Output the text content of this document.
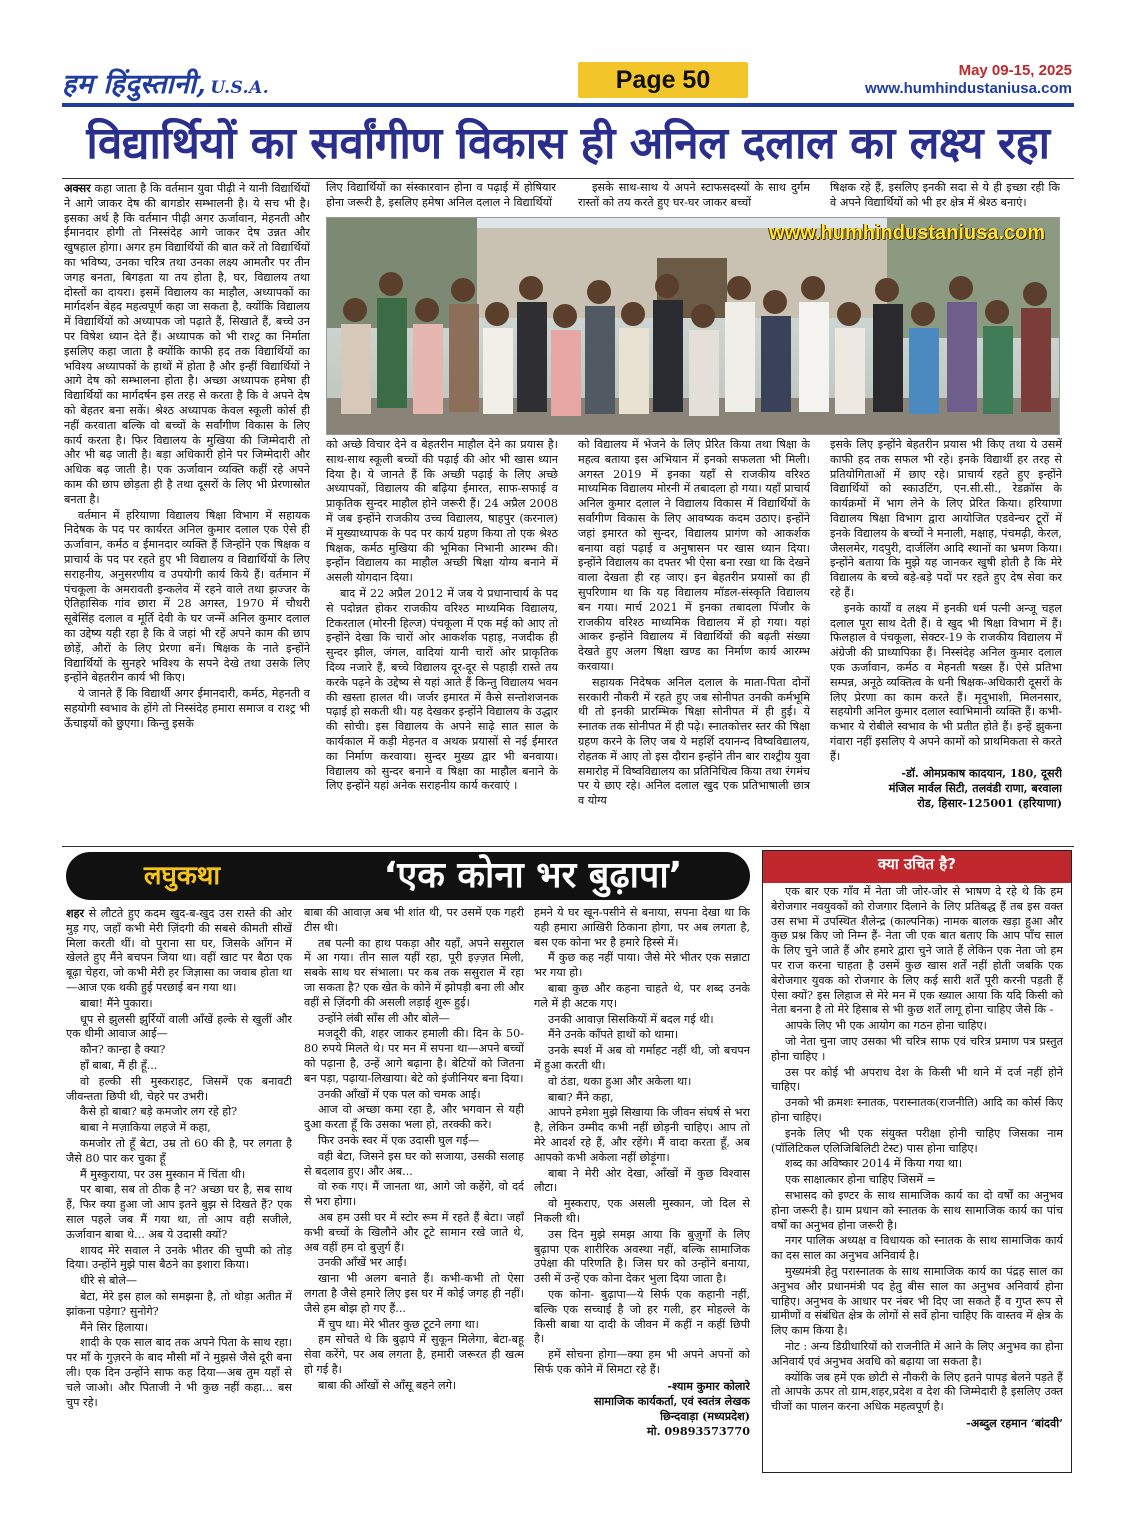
हम हिंदुस्तानी, U.S.A.	Page 50	May 09-15, 2025
www.humhindustaniusa.com
विद्यार्थियों का सर्वांगीण विकास ही अनिल दलाल का लक्ष्य रहा

अक्सर कहा जाता है कि वर्तमान युवा पीढ़ी ने यानी विद्यार्थियों ने आगे जाकर देष की बागडोर सम्भालनी है। ये सच भी है। इसका अर्थ है कि वर्तमान पीढ़ी अगर ऊर्जावान, मेहनती और ईमानदार होगी तो निस्संदेह आगे जाकर देष उन्नत और खुषहाल होगा। अगर हम विद्यार्थियों की बात करें तो विद्यार्थियों का भविष्य, उनका चरित्र तथा उनका लक्ष्य आमतौर पर तीन जगह बनता, बिगड़ता या तय होता है, घर, विद्यालय तथा दोस्तों का दायरा। इसमें विद्यालय का माहौल, अध्यापकों का मार्गदर्शन बेहद महत्वपूर्ण कहा जा सकता है, क्योंकि विद्यालय में विद्यार्थियों को अध्यापक जो पढ़ाते हैं, सिखाते हैं, बच्चे उन पर विषेश ध्यान देते हैं। अध्यापक को भी राश्ट्र का निर्माता इसलिए कहा जाता है क्योंकि काफी हद तक विद्यार्थियों का भविश्य अध्यापकों के हाथों में होता है और इन्हीं विद्यार्थियों ने आगे देष को सम्भालना होता है। अच्छा अध्यापक हमेषा ही विद्यार्थियों का मार्गदर्षन इस तरह से करता है कि वे अपने देष को बेहतर बना सकें। श्रेश्ठ अध्यापक केवल स्कूली कोर्स ही नहीं करवाता बल्कि वो बच्चों के सर्वांगीण विकास के लिए कार्य करता है। फिर विद्यालय के मुखिया की जिम्मेदारी तो और भी बढ़ जाती है। बड़ा अधिकारी होने पर जिम्मेदारी और अधिक बढ़ जाती है। एक ऊर्जावान व्यक्ति कहीं रहे अपने काम की छाप छोड़ता ही है तथा दूसरों के लिए भी प्रेरणास्रोत बनता है।

वर्तमान में हरियाणा विद्यालय षिक्षा विभाग में सहायक निदेषक के पद पर कार्यरत अनिल कुमार दलाल एक ऐसे ही ऊर्जावान, कर्मठ व ईमानदार व्यक्ति हैं जिन्होंने एक षिक्षक व प्राचार्य के पद पर रहते हुए भी विद्यालय व विद्यार्थियों के लिए सराहनीय, अनुसरणीय व उपयोगी कार्य किये हैं। वर्तमान में पंचकूला के अमरावती इन्कलेव में रहने वाले तथा झज्जर के ऐतिहासिक गांव छारा में 28 अगस्त, 1970 में चौधरी सूबेसिंह दलाल व मूर्ति देवी के घर जन्में अनिल कुमार दलाल का उद्देष्य यही रहा है कि वे जहां भी रहें अपने काम की छाप छोड़ें, औरों के लिए प्रेरणा बनें। षिक्षक के नाते इन्होंने विद्यार्थियों के सुनहरे भविश्य के सपने देखे तथा उसके लिए इन्होंने बेहतरीन कार्य भी किए।

ये जानते हैं कि विद्यार्थी अगर ईमानदारी, कर्मठ, मेहनती व सहयोगी स्वभाव के होंगे तो निस्संदेह हमारा समाज व राश्ट्र भी ऊँचाइयों को छुएगा। किन्तु इसके

लिए विद्यार्थियों का संस्कारवान होना व पढ़ाई में होषियार होना जरूरी है, इसलिए हमेषा अनिल दलाल ने विद्यार्थियों

इसके साथ-साथ ये अपने स्टाफसदस्यों के साथ दुर्गम रास्तों को तय करते हुए घर-घर जाकर बच्चों

षिक्षक रहे हैं, इसलिए इनकी सदा से ये ही इच्छा रही कि वे अपने विद्यार्थियों को भी हर क्षेत्र में श्रेश्ठ बनाएं।

www.humhindustaniusa.com

को अच्छे विचार देने व बेहतरीन माहौल देने का प्रयास है। साथ-साथ स्कूली बच्चों की पढ़ाई की ओर भी खास ध्यान दिया है। ये जानते हैं कि अच्छी पढ़ाई के लिए अच्छे अध्यापकों, विद्यालय की बढ़िया ईमारत, साफ-सफाई व प्राकृतिक सुन्दर माहौल होने जरूरी हैं। 24 अप्रैल 2008 में जब इन्होंने राजकीय उच्च विद्यालय, षाहपुर (करनाल) में मुख्याध्यापक के पद पर कार्य ग्रहण किया तो एक श्रेश्ठ षिक्षक, कर्मठ मुखिया की भूमिका निभानी आरम्भ की। इन्होंन विद्यालय का माहौल अच्छी षिक्षा योग्य बनाने में असली योगदान दिया।

बाद में 22 अप्रैल 2012 में जब ये प्रधानाचार्य के पद से पदोन्नत होकर राजकीय वरिश्ठ माध्यमिक विद्यालय, टिकरताल (मोरनी हिल्ज) पंचकूला में एक मई को आए तो इन्होंने देखा कि चारों ओर आकर्शक पहाड़, नजदीक ही सुन्दर झील, जंगल, वादियां यानी चारों ओर प्राकृतिक दिव्य नजारे हैं, बच्चे विद्यालय दूर-दूर से पहाड़ी रास्ते तय करके पढ़ने के उद्देष्य से यहां आते हैं किन्तु विद्यालय भवन की खस्ता हालत थी। जर्जर इमारत में कैसे सन्तोशजनक पढ़ाई हो सकती थी। यह देखकर इन्होंने विद्यालय के उद्धार की सोची। इस विद्यालय के अपने साढ़े सात साल के कार्यकाल में कड़ी मेहनत व अथक प्रयासों से नई ईमारत का निर्माण करवाया। सुन्दर मुख्य द्वार भी बनवाया। विद्यालय को सुन्दर बनाने व षिक्षा का माहौल बनाने के लिए इन्होंने यहां अनेक सराहनीय कार्य करवाएं ।

को विद्यालय में भेजने के लिए प्रेरित किया तथा षिक्षा के महत्व बताया इस अभियान में इनको सफलता भी मिली। अगस्त 2019 में इनका यहाँ से राजकीय वरिश्ठ माध्यमिक विद्यालय मोरनी में तबादला हो गया। यहाँ प्राचार्य अनिल कुमार दलाल ने विद्यालय विकास में विद्यार्थियों के सर्वांगीण विकास के लिए आवष्यक कदम उठाए। इन्होंने जहां इमारत को सुन्दर, विद्यालय प्रागंण को आकर्शक बनाया वहां पढ़ाई व अनुषासन पर खास ध्यान दिया। इन्होंने विद्यालय का दफ्तर भी ऐसा बना रखा था कि देखने वाला देखता ही रह जाए। इन बेहतरीन प्रयासों का ही सुपरिणाम था कि यह विद्यालय मॉडल-संस्कृति विद्यालय बन गया। मार्च 2021 में इनका तबादला पिंजौर के राजकीय वरिश्ठ माध्यमिक विद्यालय में हो गया। यहां आकर इन्होंने विद्यालय में विद्यार्थियों की बढ़ती संख्या देखते हुए अलग षिक्षा खण्ड का निर्माण कार्य आरम्भ करवाया।

सहायक निदेषक अनिल दलाल के माता-पिता दोनों सरकारी नौकरी में रहते हुए जब सोनीपत उनकी कर्मभूमि थी तो इनकी प्रारम्भिक षिक्षा सोनीपत में ही हुई। ये स्नातक तक सोनीपत में ही पढ़े। स्नातकोत्तर स्तर की षिक्षा ग्रहण करने के लिए जब ये महर्शि दयानन्द विष्वविद्यालय, रोहतक में आए तो इस दौरान इन्होंने तीन बार राश्ट्रीय युवा समारोह में विष्वविद्यालय का प्रतिनिधित्व किया तथा रंगमंच पर ये छाए रहे। अनिल दलाल खुद एक प्रतिभाषाली छात्र व योग्य

इसके लिए इन्होंने बेहतरीन प्रयास भी किए तथा ये उसमें काफी हद तक सफल भी रहे। इनके विद्यार्थी हर तरह से प्रतियोगिताओं में छाए रहे। प्राचार्य रहते हुए इन्होंने विद्यार्थियों को स्काउटिंग, एन.सी.सी., रेडक्रॉस के कार्यक्रमों में भाग लेने के लिए प्रेरित किया। हरियाणा विद्यालय षिक्षा विभाग द्वारा आयोजित एडवेन्चर टूरों में इनके विद्यालय के बच्चों ने मनाली, मक्षाह, पंचमढ़ी, केरल, जैसलमेर, गदपुरी, दार्जलिंग आदि स्थानों का भ्रमण किया। इन्होंने बताया कि मुझे यह जानकर खुषी होती है कि मेरे विद्यालय के बच्चे बड़े-बड़े पदों पर रहते हुए देष सेवा कर रहे हैं।

इनके कार्यों व लक्ष्य में इनकी धर्म पत्नी अन्जू चहल दलाल पूरा साथ देती हैं। वे खुद भी षिक्षा विभाग में हैं। फिलहाल वे पंचकूला, सेक्टर-19 के राजकीय विद्यालय में अंग्रेजी की प्राध्यापिका हैं। निस्संदेह अनिल कुमार दलाल एक ऊर्जावान, कर्मठ व मेहनती षख्स हैं। ऐसे प्रतिभा सम्पन्न, अनूठे व्यक्तित्व के धनी षिक्षक-अधिकारी दूसरों के लिए प्रेरणा का काम करते हैं। मृदुभाशी, मिलनसार, सहयोगी अनिल कुमार दलाल स्वाभिमानी व्यक्ति हैं। कभी-कभार ये रोबीले स्वभाव के भी प्रतीत होते हैं। इन्हें झुकना गंवारा नहीं इसलिए ये अपने कामों को प्राथमिकता से करते हैं।

-डॉ. ओमप्रकाष कादयान, 180, दूसरी
मंजिल मार्वल सिटी, तलवंडी राणा, बरवाला
रोड, हिसार-125001 (हरियाणा)
लघुकथा	‘एक कोना भर बुढ़ापा’

शहर से लौटते हुए कदम खुद-ब-खुद उस रास्ते की ओर मुड़ गए, जहाँ कभी मेरी ज़िंदगी की सबसे कीमती सीखें मिला करती थीं। वो पुराना सा घर, जिसके आँगन में खेलते हुए मैंने बचपन जिया था। वहीं खाट पर बैठा एक बूढ़ा चेहरा, जो कभी मेरी हर जिज्ञासा का जवाब होता था—आज एक थकी हुई परछाई बन गया था।

बाबा! मैंने पुकारा।

धूप से झुलसी झुर्रियों वाली आँखें हल्के से खुलीं और एक धीमी आवाज आई—

कौन? कान्हा है क्या?

हाँ बाबा, मैं ही हूँ...

वो हल्की सी मुस्कराहट, जिसमें एक बनावटी जीवन्तता छिपी थी, चेहरे पर उभरी।

कैसे हो बाबा? बड़े कमजोर लग रहे हो?

बाबा ने मज़ाकिया लहजे में कहा,

कमजोर तो हूँ बेटा, उम्र तो 60 की है, पर लगता है जैसे 80 पार कर चुका हूँ

मैं मुस्कुराया, पर उस मुस्कान में चिंता थी।

पर बाबा, सब तो ठीक है न? अच्छा घर है, सब साथ हैं, फिर क्या हुआ जो आप इतने बुझ से दिखते हैं? एक साल पहले जब मैं गया था, तो आप वही सजीले, ऊर्जावान बाबा थे... अब ये उदासी क्यों?

शायद मेरे सवाल ने उनके भीतर की चुप्पी को तोड़ दिया। उन्होंने मुझे पास बैठने का इशारा किया।

धीरे से बोले—

बेटा, मेरे इस हाल को समझना है, तो थोड़ा अतीत में झांकना पड़ेगा? सुनोगे?

मैंने सिर हिलाया।

शादी के एक साल बाद तक अपने पिता के साथ रहा। पर माँ के गुज़रने के बाद मौसी माँ ने मुझसे जैसे दूरी बना ली। एक दिन उन्होंने साफ कह दिया—अब तुम यहाँ से चले जाओ। और पिताजी ने भी कुछ नहीं कहा... बस चुप रहे।

बाबा की आवाज़ अब भी शांत थी, पर उसमें एक गहरी टीस थी।

तब पत्नी का हाथ पकड़ा और यहाँ, अपने ससुराल में आ गया। तीन साल यहीं रहा, पूरी इज़्ज़त मिली, सबके साथ घर संभाला। पर कब तक ससुराल में रहा जा सकता है? एक खेत के कोने में झोपड़ी बना ली और वहीं से ज़िंदगी की असली लड़ाई शुरू हुई।

उन्होंने लंबी साँस ली और बोले—

मजदूरी की, शहर जाकर हमाली की। दिन के 50-80 रुपये मिलते थे। पर मन में सपना था—अपने बच्चों को पढ़ाना है, उन्हें आगे बढ़ाना है। बेटियों को जितना बन पड़ा, पढ़ाया-लिखाया। बेटे को इंजीनियर बना दिया।

उनकी आँखों में एक पल को चमक आई।

आज वो अच्छा कमा रहा है, और भगवान से यही दुआ करता हूँ कि उसका भला हो, तरक्की करे।

फिर उनके स्वर में एक उदासी घुल गई—

वही बेटा, जिसने इस घर को सजाया, उसकी सलाह से बदलाव हुए। और अब...

वो रुक गए। मैं जानता था, आगे जो कहेंगे, वो दर्द से भरा होगा।

अब हम उसी घर में स्टोर रूम में रहते हैं बेटा। जहाँ कभी बच्चों के खिलौने और टूटे सामान रखे जाते थे, अब वहीं हम दो बुज़ुर्ग हैं।

उनकी आँखें भर आईं।

खाना भी अलग बनाते हैं। कभी-कभी तो ऐसा लगता है जैसे हमारे लिए इस घर में कोई जगह ही नहीं। जैसे हम बोझ हो गए हैं...

मैं चुप था। मेरे भीतर कुछ टूटने लगा था।

हम सोचते थे कि बुढ़ापे में सुकून मिलेगा, बेटा-बहू सेवा करेंगे, पर अब लगता है, हमारी जरूरत ही खत्म हो गई है।

बाबा की आँखों से आँसू बहने लगे।

हमने ये घर खून-पसीने से बनाया, सपना देखा था कि यही हमारा आखिरी ठिकाना होगा, पर अब लगता है, बस एक कोना भर है हमारे हिस्से में।

मैं कुछ कह नहीं पाया। जैसे मेरे भीतर एक सन्नाटा भर गया हो।

बाबा कुछ और कहना चाहते थे, पर शब्द उनके गले में ही अटक गए।

उनकी आवाज़ सिसकियों में बदल गई थी।

मैंने उनके काँपते हाथों को थामा।

उनके स्पर्श में अब वो गर्माहट नहीं थी, जो बचपन में हुआ करती थी।

वो ठंडा, थका हुआ और अकेला था।

बाबा? मैंने कहा,

आपने हमेशा मुझे सिखाया कि जीवन संघर्ष से भरा है, लेकिन उम्मीद कभी नहीं छोड़नी चाहिए। आप तो मेरे आदर्श रहे हैं, और रहेंगे। मैं वादा करता हूँ, अब आपको कभी अकेला नहीं छोड़ूंगा।

बाबा ने मेरी ओर देखा, आँखों में कुछ विश्वास लौटा।

वो मुस्कराए, एक असली मुस्कान, जो दिल से निकली थी।

उस दिन मुझे समझ आया कि बुज़ुर्गों के लिए बुढ़ापा एक शारीरिक अवस्था नहीं, बल्कि सामाजिक उपेक्षा की परिणति है। जिस घर को उन्होंने बनाया, उसी में उन्हें एक कोना देकर भुला दिया जाता है।

एक कोना- बुढ़ापा—ये सिर्फ एक कहानी नहीं, बल्कि एक सच्चाई है जो हर गली, हर मोहल्ले के किसी बाबा या दादी के जीवन में कहीं न कहीं छिपी है।

हमें सोचना होगा—क्या हम भी अपने अपनों को सिर्फ एक कोने में सिमटा रहे हैं।

-श्याम कुमार कोलारे
सामाजिक कार्यकर्ता, एवं स्वतंत्र लेखक
छिन्दवाड़ा (मध्यप्रदेश)
मो. 09893573770
क्या उचित है?

एक बार एक गाँव में नेता जी जोर-जोर से भाषण दे रहे थे कि हम बेरोजगार नवयुवकों को रोजगार दिलाने के लिए प्रतिबद्ध हैं तब इस वक्त उस सभा में उपस्थित शैलेन्द्र (काल्पनिक) नामक बालक खड़ा हुआ और कुछ प्रश्न किए जो निम्न हैं- नेता जी एक बात बताए कि आप पाँच साल के लिए चुने जाते हैं और हमारे द्वारा चुने जाते हैं लेकिन एक नेता जो हम पर राज करना चाहता है उसमें कुछ खास शर्तें नहीं होती जबकि एक बेरोजगार युवक को रोजगार के लिए कई सारी शर्तें पूरी करनी पड़ती हैं ऐसा क्यों? इस लिहाज से मेरे मन में एक ख्याल आया कि यदि किसी को नेता बनना है तो मेरे हिसाब से भी कुछ शर्तें लागू होना चाहिए जैसे कि -

आपके लिए भी एक आयोग का गठन होना चाहिए।

जो नेता चुना जाए उसका भी चरित्र साफ एवं चरित्र प्रमाण पत्र प्रस्तुत होना चाहिए ।

उस पर कोई भी अपराध देश के किसी भी थाने में दर्ज नहीं होने चाहिए।

उनको भी क्रमशः स्नातक, परास्नातक(राजनीति) आदि का कोर्स किए होना चाहिए।

इनके लिए भी एक संयुक्त परीक्षा होनी चाहिए जिसका नाम (पॉलिटिकल एलिजिबिलिटी टेस्ट) पास होना चाहिए।

शब्द का अविष्कार 2014 में किया गया था।

एक साक्षात्कार होना चाहिए जिसमें =

सभासद को इण्टर के साथ सामाजिक कार्य का दो वर्षों का अनुभव होना जरूरी है। ग्राम प्रधान को स्नातक के साथ सामाजिक कार्य का पांच वर्षों का अनुभव होना जरूरी है।

नगर पालिक अध्यक्ष व विधायक को स्नातक के साथ सामाजिक कार्य का दस साल का अनुभव अनिवार्य है।

मुख्यमंत्री हेतु परास्नातक के साथ सामाजिक कार्य का पंद्रह साल का अनुभव और प्रधानमंत्री पद हेतु बीस साल का अनुभव अनिवार्य होना चाहिए। अनुभव के आधार पर नंबर भी दिए जा सकते हैं व गुप्त रूप से ग्रामीणों व संबंधित क्षेत्र के लोगों से सर्वे होना चाहिए कि वास्तव में क्षेत्र के लिए काम किया है।

नोट : अन्य डिग्रीधारियों को राजनीति में आने के लिए अनुभव का होना अनिवार्य एवं अनुभव अवधि को बढ़ाया जा सकता है।

क्योंकि जब हमें एक छोटी से नौकरी के लिए इतने पापड़ बेलने पड़ते हैं तो आपके ऊपर तो ग्राम,शहर,प्रदेश व देश की जिम्मेदारी है इसलिए उक्त चीजों का पालन करना अधिक महत्वपूर्ण है।

-अब्दुल रहमान ‘बांदवी’
